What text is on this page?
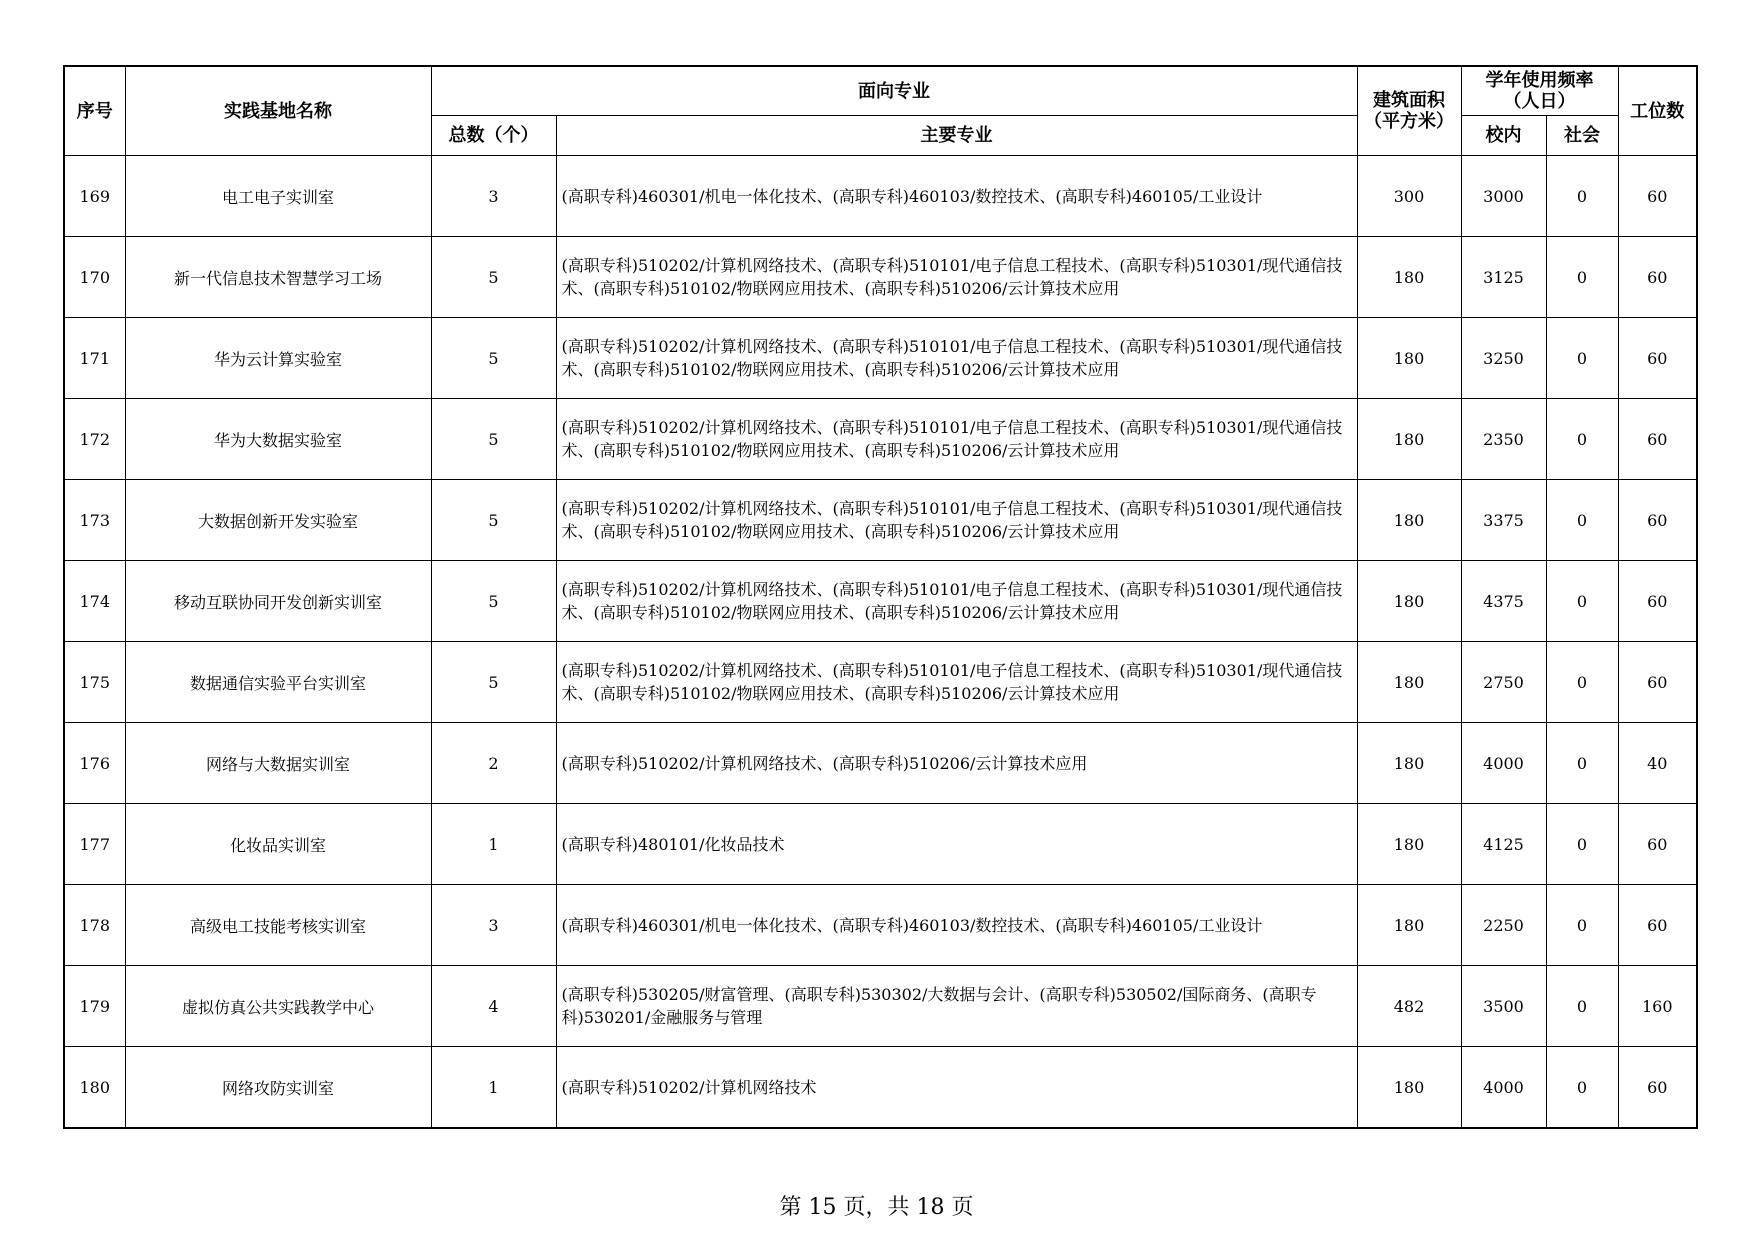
序号	实践基地名称	面向专业		建筑面积（平方米）	学年使用频率（人日）		工位数
		总数（个）	主要专业		校内	社会	
169	电工电子实训室	3	(高职专科)460301/机电一体化技术、(高职专科)460103/数控技术、(高职专科)460105/工业设计	300	3000	0	60
170	新一代信息技术智慧学习工场	5	(高职专科)510202/计算机网络技术、(高职专科)510101/电子信息工程技术、(高职专科)510301/现代通信技术、(高职专科)510102/物联网应用技术、(高职专科)510206/云计算技术应用	180	3125	0	60
171	华为云计算实验室	5	(高职专科)510202/计算机网络技术、(高职专科)510101/电子信息工程技术、(高职专科)510301/现代通信技术、(高职专科)510102/物联网应用技术、(高职专科)510206/云计算技术应用	180	3250	0	60
172	华为大数据实验室	5	(高职专科)510202/计算机网络技术、(高职专科)510101/电子信息工程技术、(高职专科)510301/现代通信技术、(高职专科)510102/物联网应用技术、(高职专科)510206/云计算技术应用	180	2350	0	60
173	大数据创新开发实验室	5	(高职专科)510202/计算机网络技术、(高职专科)510101/电子信息工程技术、(高职专科)510301/现代通信技术、(高职专科)510102/物联网应用技术、(高职专科)510206/云计算技术应用	180	3375	0	60
174	移动互联协同开发创新实训室	5	(高职专科)510202/计算机网络技术、(高职专科)510101/电子信息工程技术、(高职专科)510301/现代通信技术、(高职专科)510102/物联网应用技术、(高职专科)510206/云计算技术应用	180	4375	0	60
175	数据通信实验平台实训室	5	(高职专科)510202/计算机网络技术、(高职专科)510101/电子信息工程技术、(高职专科)510301/现代通信技术、(高职专科)510102/物联网应用技术、(高职专科)510206/云计算技术应用	180	2750	0	60
176	网络与大数据实训室	2	(高职专科)510202/计算机网络技术、(高职专科)510206/云计算技术应用	180	4000	0	40
177	化妆品实训室	1	(高职专科)480101/化妆品技术	180	4125	0	60
178	高级电工技能考核实训室	3	(高职专科)460301/机电一体化技术、(高职专科)460103/数控技术、(高职专科)460105/工业设计	180	2250	0	60
179	虚拟仿真公共实践教学中心	4	(高职专科)530205/财富管理、(高职专科)530302/大数据与会计、(高职专科)530502/国际商务、(高职专科)530201/金融服务与管理	482	3500	0	160
180	网络攻防实训室	1	(高职专科)510202/计算机网络技术	180	4000	0	60
第 15 页，共 18 页
